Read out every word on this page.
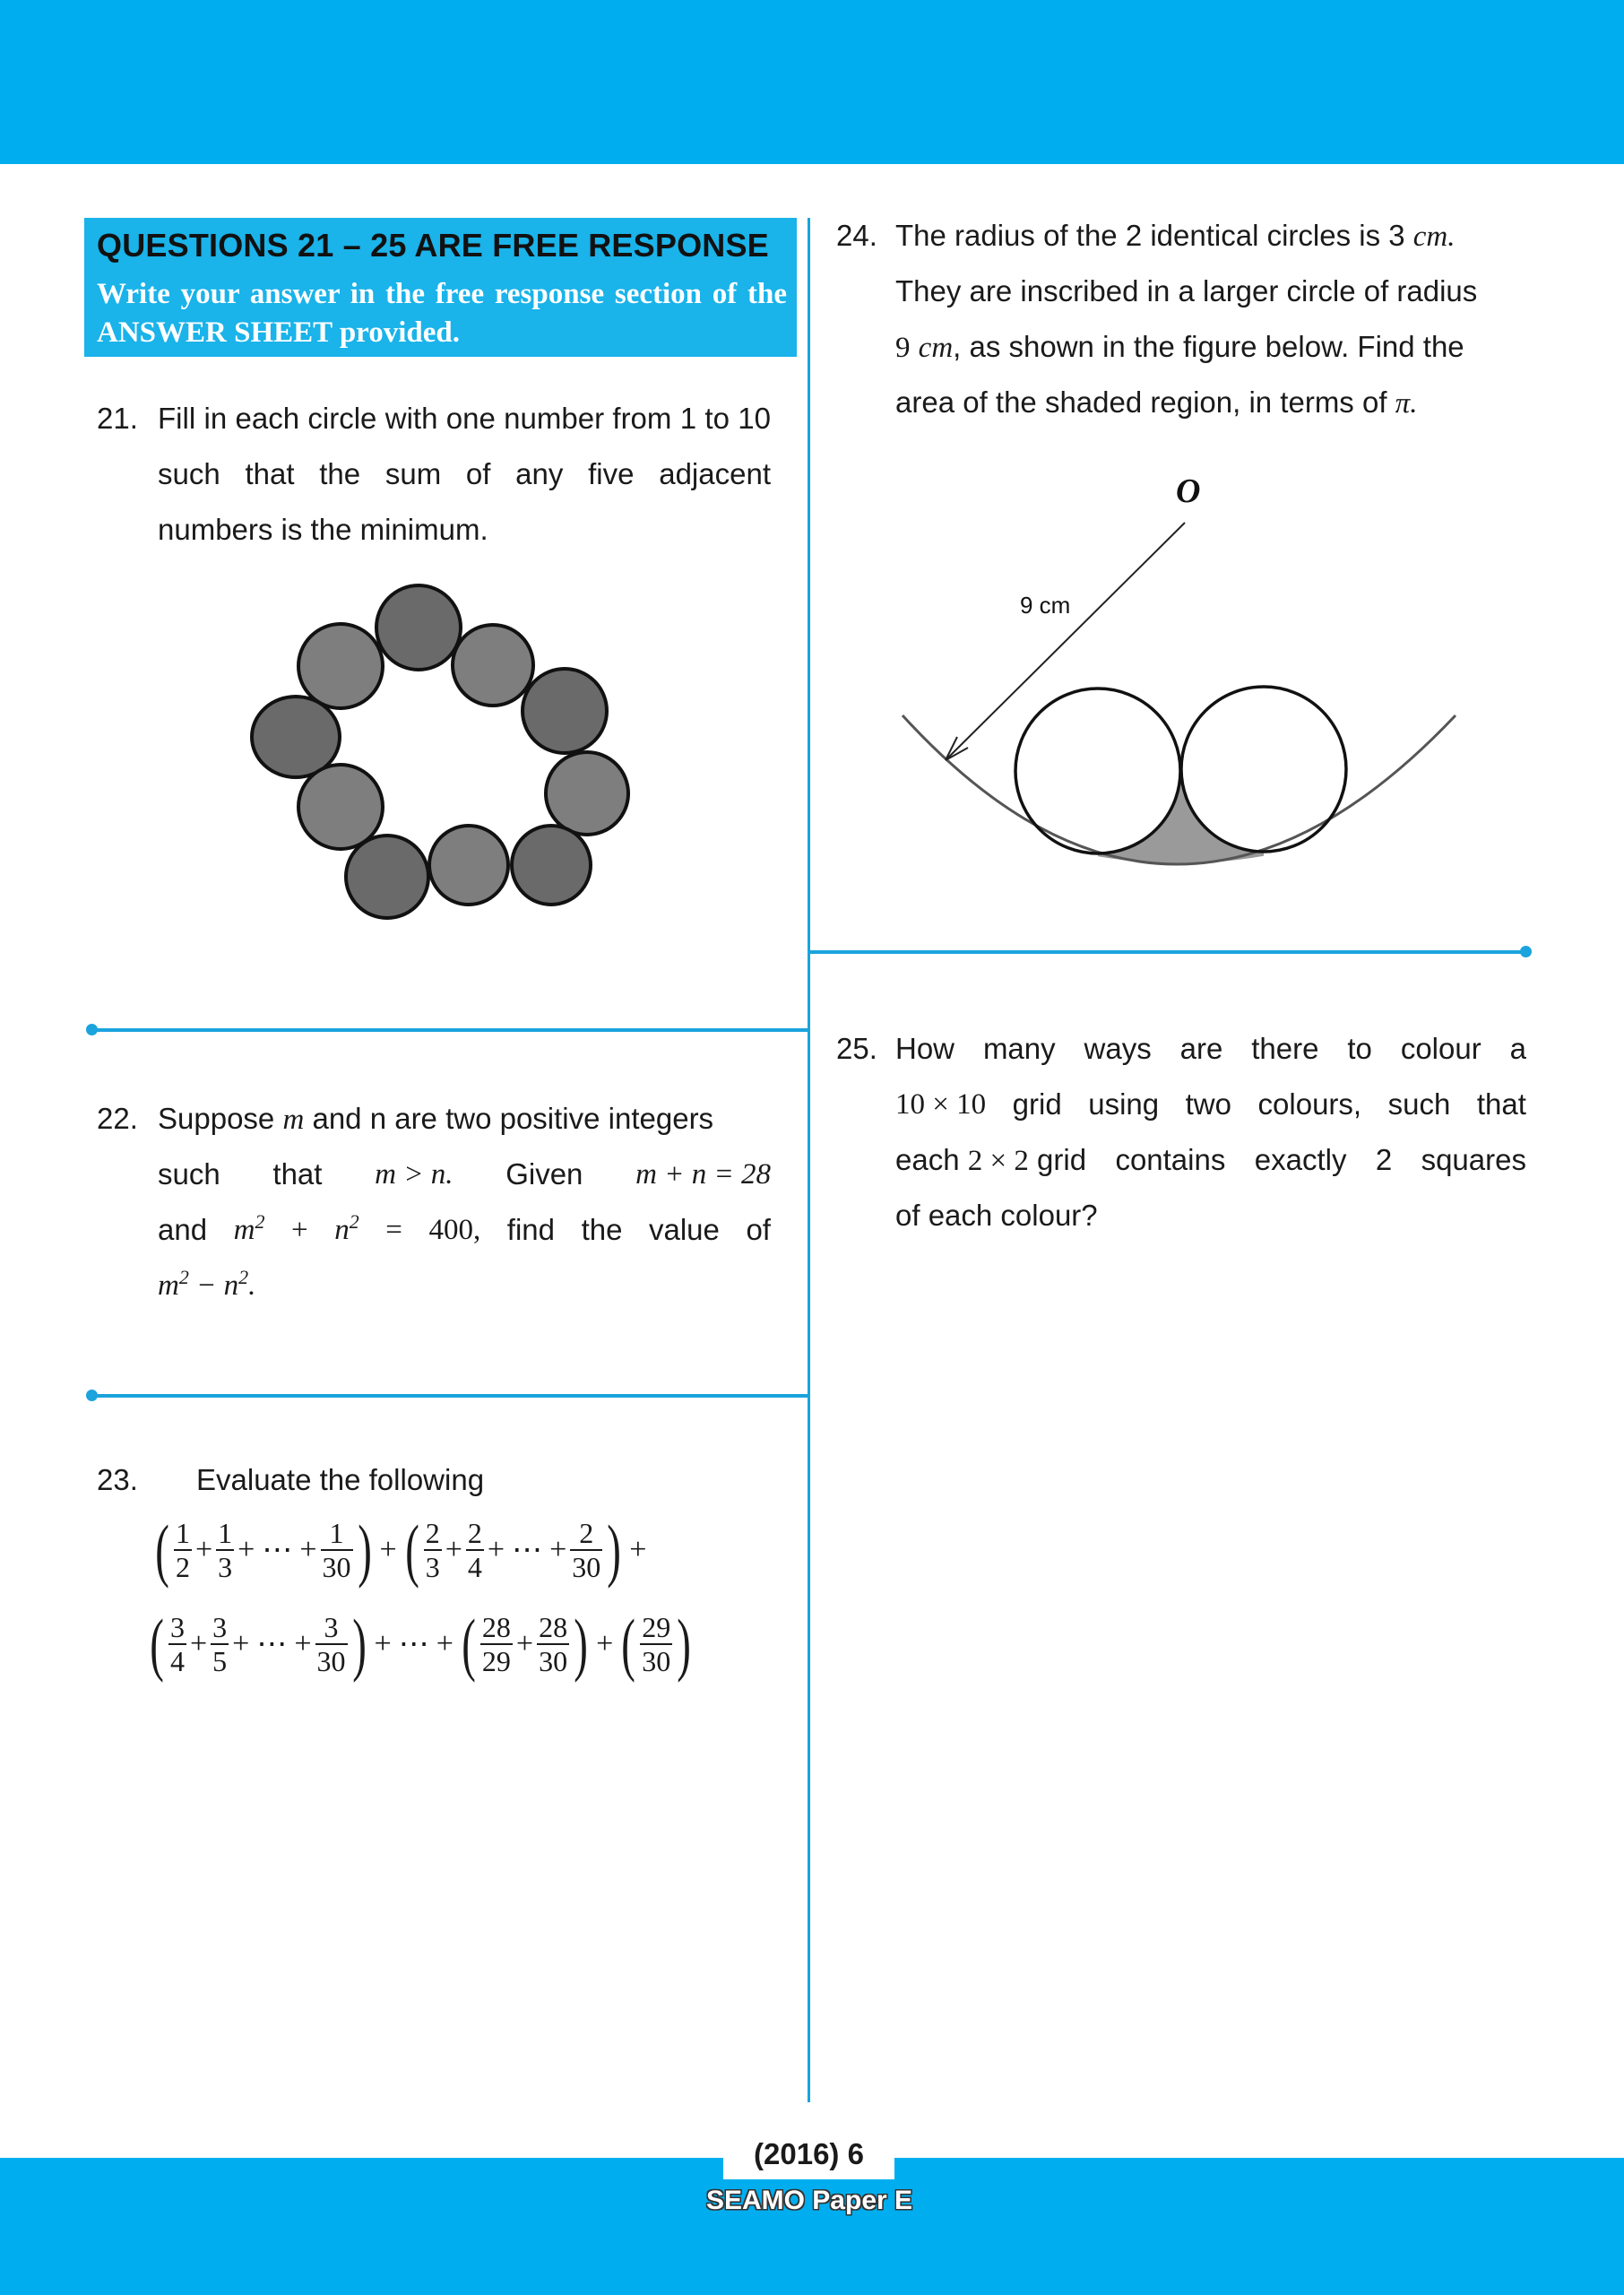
(2016) 6
SEAMO Paper E
QUESTIONS 21 – 25 ARE FREE RESPONSE
Write your answer in the free response section of the ANSWER SHEET provided.
21. Fill in each circle with one number from 1 to 10 such that the sum of any five adjacent numbers is the minimum.
22. Suppose m and n are two positive integers
such that m > n. Given m + n = 28
and $m^2 + n^2 = 400$, find the value of
$m^2 - n^2$.
23. Evaluate the following
( $\frac{1}{2} + \frac{1}{3}$ + ⋯ + $\frac{1}{30}$ ) + ( $\frac{2}{3} + \frac{2}{4}$ + ⋯ + $\frac{2}{30}$ ) +
( $\frac{3}{4} + \frac{3}{5}$ + ⋯ + $\frac{3}{30}$ ) + ⋯ + ( $\frac{28}{29} + \frac{28}{30}$ ) + ( $\frac{29}{30}$ )
24. The radius of the 2 identical circles is 3 cm.
They are inscribed in a larger circle of radius
9 cm, as shown in the figure below. Find the
area of the shaded region, in terms of π.
O
9 cm
25. How many ways are there to colour a
10 × 10 grid using two colours, such that
each 2 × 2 grid contains exactly 2 squares
of each colour?
